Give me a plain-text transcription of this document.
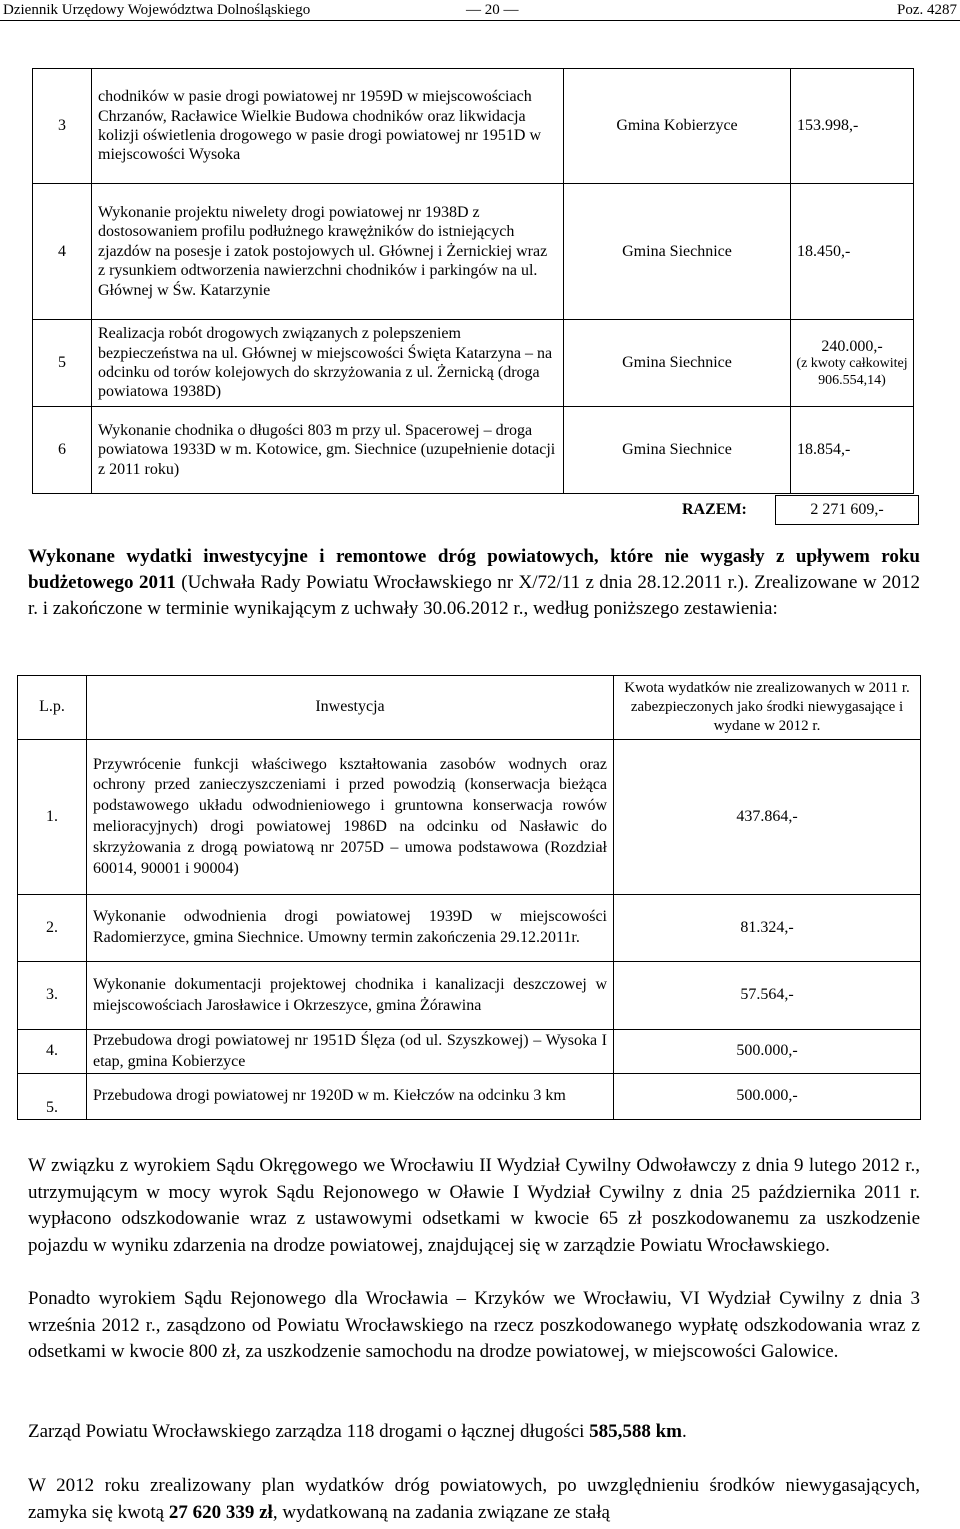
Dziennik Urzędowy Województwa Dolnośląskiego	— 20 —	Poz. 4287
3	chodników w pasie drogi powiatowej nr 1959D w miejscowościach Chrzanów, Racławice Wielkie Budowa chodników oraz likwidacja kolizji oświetlenia drogowego w pasie drogi powiatowej nr 1951D w miejscowości Wysoka	Gmina Kobierzyce	153.998,-
4	Wykonanie projektu niwelety drogi powiatowej nr 1938D z dostosowaniem profilu podłużnego krawężników do istniejących zjazdów na posesje i zatok postojowych ul. Głównej i Żernickiej wraz z rysunkiem odtworzenia nawierzchni chodników i parkingów na ul. Głównej w Św. Katarzynie	Gmina Siechnice	18.450,-
5	Realizacja robót drogowych związanych z polepszeniem bezpieczeństwa na ul. Głównej w miejscowości Święta Katarzyna – na odcinku od torów kolejowych do skrzyżowania z ul. Żernicką (droga powiatowa 1938D)	Gmina Siechnice	240.000,-
(z kwoty całkowitej 906.554,14)

6	Wykonanie chodnika o długości 803 m przy ul. Spacerowej – droga powiatowa 1933D w m. Kotowice, gm. Siechnice (uzupełnienie dotacji z 2011 roku)	Gmina Siechnice	18.854,-
RAZEM:	2 271 609,-

Wykonane wydatki inwestycyjne i remontowe dróg powiatowych, które nie wygasły z upływem roku budżetowego 2011 (Uchwała Rady Powiatu Wrocławskiego nr X/72/11 z dnia 28.12.2011 r.). Zrealizowane w 2012 r. i zakończone w terminie wynikającym z uchwały 30.06.2012 r., według poniższego zestawienia:

L.p.	Inwestycja	Kwota wydatków nie zrealizowanych w 2011 r. zabezpieczonych jako środki niewygasające i wydane w 2012 r.
1.	Przywrócenie funkcji właściwego kształtowania zasobów wodnych oraz ochrony przed zanieczyszczeniami i przed powodzią (konserwacja bieżąca podstawowego układu odwodnieniowego i gruntowna konserwacja rowów melioracyjnych) drogi powiatowej 1986D na odcinku od Nasławic do skrzyżowania z drogą powiatową nr 2075D – umowa podstawowa (Rozdział 60014, 90001 i 90004)	437.864,-
2.	Wykonanie odwodnienia drogi powiatowej 1939D w miejscowości Radomierzyce, gmina Siechnice. Umowny termin zakończenia 29.12.2011r.	81.324,-
3.	Wykonanie dokumentacji projektowej chodnika i kanalizacji deszczowej w miejscowościach Jarosławice i Okrzeszyce, gmina Żórawina	57.564,-
4.	Przebudowa drogi powiatowej nr 1951D Ślęza (od ul. Szyszkowej) – Wysoka I etap, gmina Kobierzyce	500.000,-
5.	Przebudowa drogi powiatowej nr 1920D w m. Kiełczów na odcinku 3 km	500.000,-

W związku z wyrokiem Sądu Okręgowego we Wrocławiu II Wydział Cywilny Odwoławczy z dnia 9 lutego 2012 r., utrzymującym w mocy wyrok Sądu Rejonowego w Oławie I Wydział Cywilny z dnia 25 października 2011 r. wypłacono odszkodowanie wraz z ustawowymi odsetkami w kwocie 65 zł poszkodowanemu za uszkodzenie pojazdu w wyniku zdarzenia na drodze powiatowej, znajdującej się w zarządzie Powiatu Wrocławskiego.

Ponadto wyrokiem Sądu Rejonowego dla Wrocławia – Krzyków we Wrocławiu, VI Wydział Cywilny z dnia 3 września 2012 r., zasądzono od Powiatu Wrocławskiego na rzecz poszkodowanego wypłatę odszkodowania wraz z odsetkami w kwocie 800 zł, za uszkodzenie samochodu na drodze powiatowej, w miejscowości Galowice.

Zarząd Powiatu Wrocławskiego zarządza 118 drogami o łącznej długości 585,588 km.

W 2012 roku zrealizowany plan wydatków dróg powiatowych, po uwzględnieniu środków niewygasających, zamyka się kwotą 27 620 339 zł, wydatkowaną na zadania związane ze stałą
